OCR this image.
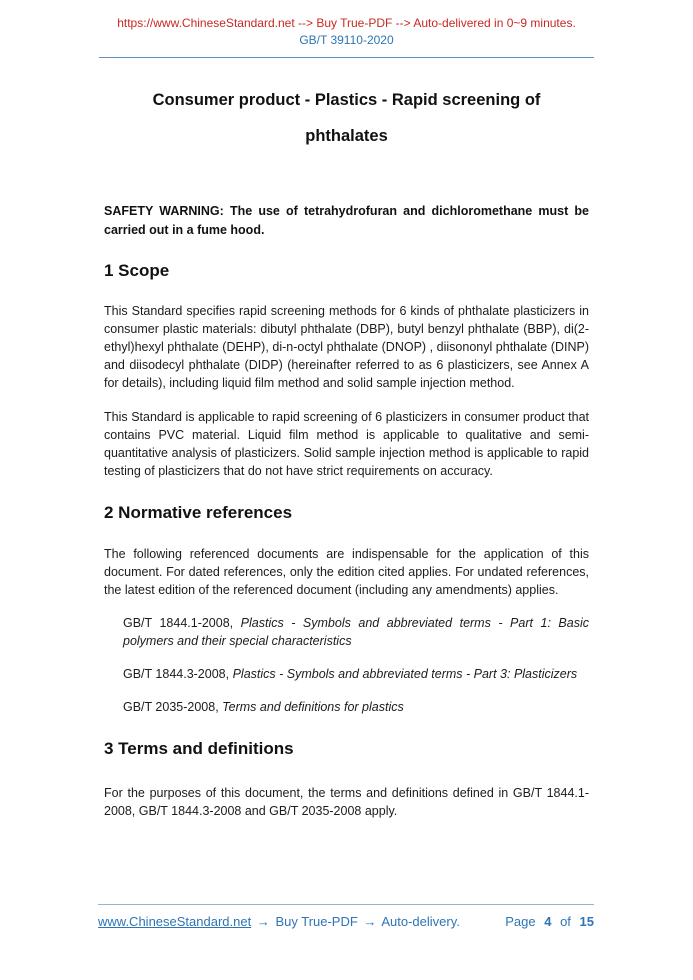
https://www.ChineseStandard.net --> Buy True-PDF --> Auto-delivered in 0~9 minutes.
GB/T 39110-2020
Consumer product - Plastics - Rapid screening of
phthalates

SAFETY WARNING: The use of tetrahydrofuran and dichloromethane must be carried out in a fume hood.

1 Scope

This Standard specifies rapid screening methods for 6 kinds of phthalate plasticizers in consumer plastic materials: dibutyl phthalate (DBP), butyl benzyl phthalate (BBP), di(2-ethyl)hexyl phthalate (DEHP), di-n-octyl phthalate (DNOP) , diisononyl phthalate (DINP) and diisodecyl phthalate (DIDP) (hereinafter referred to as 6 plasticizers, see Annex A for details), including liquid film method and solid sample injection method.

This Standard is applicable to rapid screening of 6 plasticizers in consumer product that contains PVC material. Liquid film method is applicable to qualitative and semi-quantitative analysis of plasticizers. Solid sample injection method is applicable to rapid testing of plasticizers that do not have strict requirements on accuracy.

2 Normative references

The following referenced documents are indispensable for the application of this document. For dated references, only the edition cited applies. For undated references, the latest edition of the referenced document (including any amendments) applies.

GB/T 1844.1-2008, Plastics - Symbols and abbreviated terms - Part 1: Basic polymers and their special characteristics

GB/T 1844.3-2008, Plastics - Symbols and abbreviated terms - Part 3: Plasticizers

GB/T 2035-2008, Terms and definitions for plastics

3 Terms and definitions

For the purposes of this document, the terms and definitions defined in GB/T 1844.1-2008, GB/T 1844.3-2008 and GB/T 2035-2008 apply.

www.ChineseStandard.net → Buy True-PDF → Auto-delivery.	Page 4 of 15
